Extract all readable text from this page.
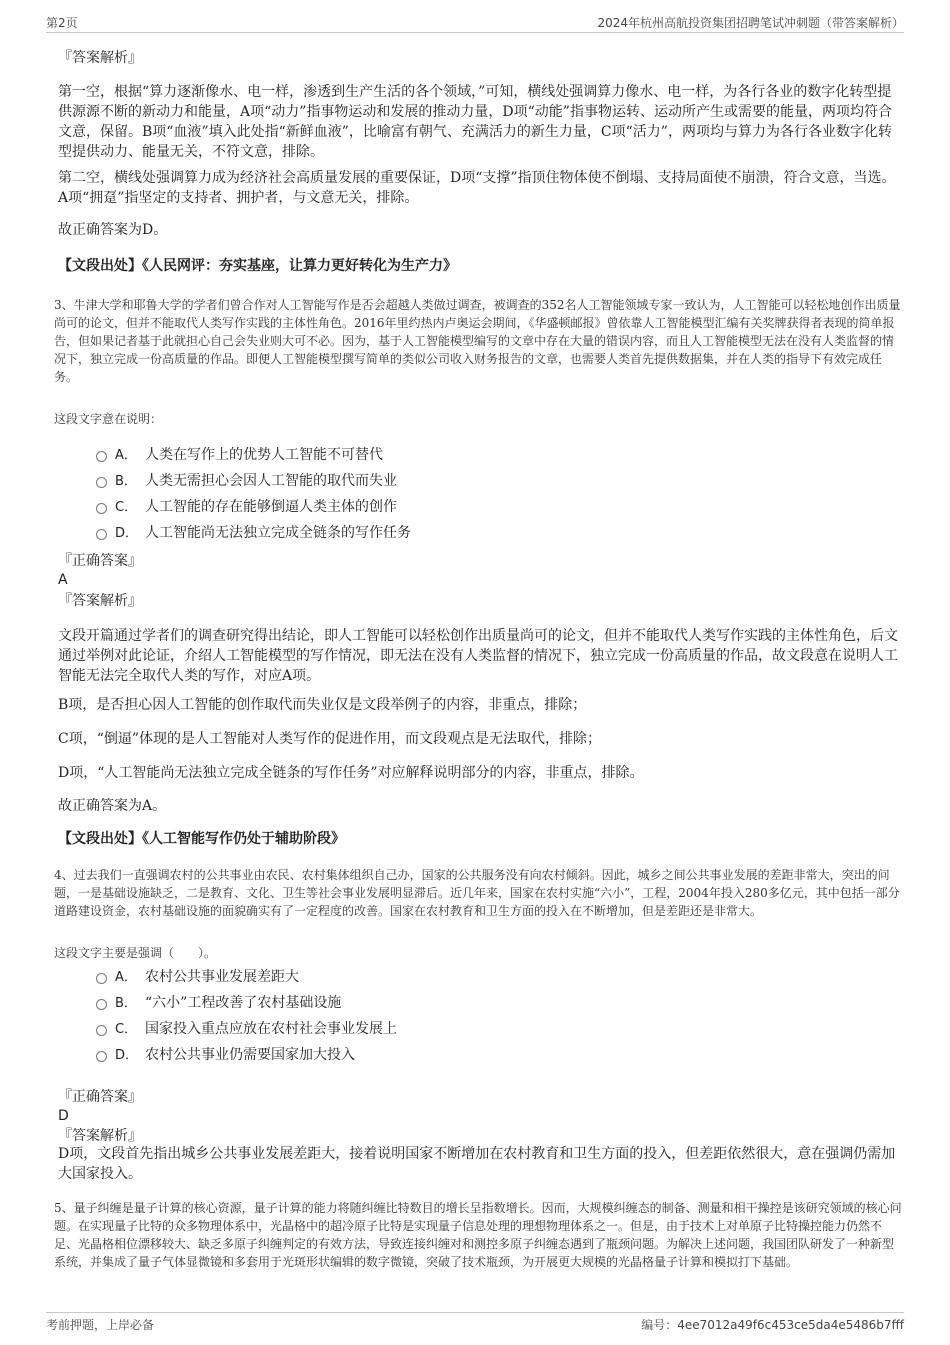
第2页	2024年杭州高航投资集团招聘笔试冲刺题（带答案解析）

『答案解析』

第一空，根据“算力逐渐像水、电一样，渗透到生产生活的各个领域，”可知，横线处强调算力像水、电一样，为各行各业的数字化转型提供源源不断的新动力和能量，A项“动力”指事物运动和发展的推动力量，D项“动能”指事物运转、运动所产生或需要的能量，两项均符合文意，保留。B项“血液”填入此处指“新鲜血液”，比喻富有朝气、充满活力的新生力量，C项“活力”，两项均与算力为各行各业数字化转型提供动力、能量无关，不符文意，排除。

第二空，横线处强调算力成为经济社会高质量发展的重要保证，D项“支撑”指顶住物体使不倒塌、支持局面使不崩溃，符合文意，当选。A项“拥趸”指坚定的支持者、拥护者，与文意无关，排除。

故正确答案为D。

【文段出处】《人民网评：夯实基座，让算力更好转化为生产力》

3、牛津大学和耶鲁大学的学者们曾合作对人工智能写作是否会超越人类做过调查，被调查的352名人工智能领域专家一致认为，人工智能可以轻松地创作出质量尚可的论文，但并不能取代人类写作实践的主体性角色。2016年里约热内卢奥运会期间，《华盛顿邮报》曾依靠人工智能模型汇编有关奖牌获得者表现的简单报告，但如果记者基于此就担心自己会失业则大可不必。因为，基于人工智能模型编写的文章中存在大量的错误内容，而且人工智能模型无法在没有人类监督的情况下，独立完成一份高质量的作品。即便人工智能模型撰写简单的类似公司收入财务报告的文章，也需要人类首先提供数据集，并在人类的指导下有效完成任务。

这段文字意在说明：

A． 人类在写作上的优势人工智能不可替代
B． 人类无需担心会因人工智能的取代而失业
C． 人工智能的存在能够倒逼人类主体的创作
D． 人工智能尚无法独立完成全链条的写作任务

『正确答案』

A

『答案解析』

文段开篇通过学者们的调查研究得出结论，即人工智能可以轻松创作出质量尚可的论文，但并不能取代人类写作实践的主体性角色，后文通过举例对此论证，介绍人工智能模型的写作情况，即无法在没有人类监督的情况下，独立完成一份高质量的作品，故文段意在说明人工智能无法完全取代人类的写作，对应A项。

B项，是否担心因人工智能的创作取代而失业仅是文段举例子的内容，非重点，排除；

C项，“倒逼”体现的是人工智能对人类写作的促进作用，而文段观点是无法取代，排除；

D项，“人工智能尚无法独立完成全链条的写作任务”对应解释说明部分的内容，非重点，排除。

故正确答案为A。

【文段出处】《人工智能写作仍处于辅助阶段》

4、过去我们一直强调农村的公共事业由农民、农村集体组织自己办，国家的公共服务没有向农村倾斜。因此，城乡之间公共事业发展的差距非常大，突出的问题，一是基础设施缺乏，二是教育、文化、卫生等社会事业发展明显滞后。近几年来，国家在农村实施“六小”，工程，2004年投入280多亿元，其中包括一部分道路建设资金，农村基础设施的面貌确实有了一定程度的改善。国家在农村教育和卫生方面的投入在不断增加，但是差距还是非常大。

这段文字主要是强调（　　）。

A． 农村公共事业发展差距大
B． “六小”工程改善了农村基础设施
C． 国家投入重点应放在农村社会事业发展上
D． 农村公共事业仍需要国家加大投入

『正确答案』

D

『答案解析』

D项，文段首先指出城乡公共事业发展差距大，接着说明国家不断增加在农村教育和卫生方面的投入，但差距依然很大，意在强调仍需加大国家投入。

5、量子纠缠是量子计算的核心资源，量子计算的能力将随纠缠比特数目的增长呈指数增长。因而，大规模纠缠态的制备、测量和相干操控是该研究领域的核心问题。在实现量子比特的众多物理体系中，光晶格中的超冷原子比特是实现量子信息处理的理想物理体系之一。但是，由于技术上对单原子比特操控能力仍然不足、光晶格相位漂移较大、缺乏多原子纠缠判定的有效方法，导致连接纠缠对和测控多原子纠缠态遇到了瓶颈问题。为解决上述问题，我国团队研发了一种新型系统，并集成了量子气体显微镜和多套用于光斑形状编辑的数字微镜，突破了技术瓶颈，为开展更大规模的光晶格量子计算和模拟打下基础。

考前押题，上岸必备	编号：4ee7012a49f6c453ce5da4e5486b7fff
